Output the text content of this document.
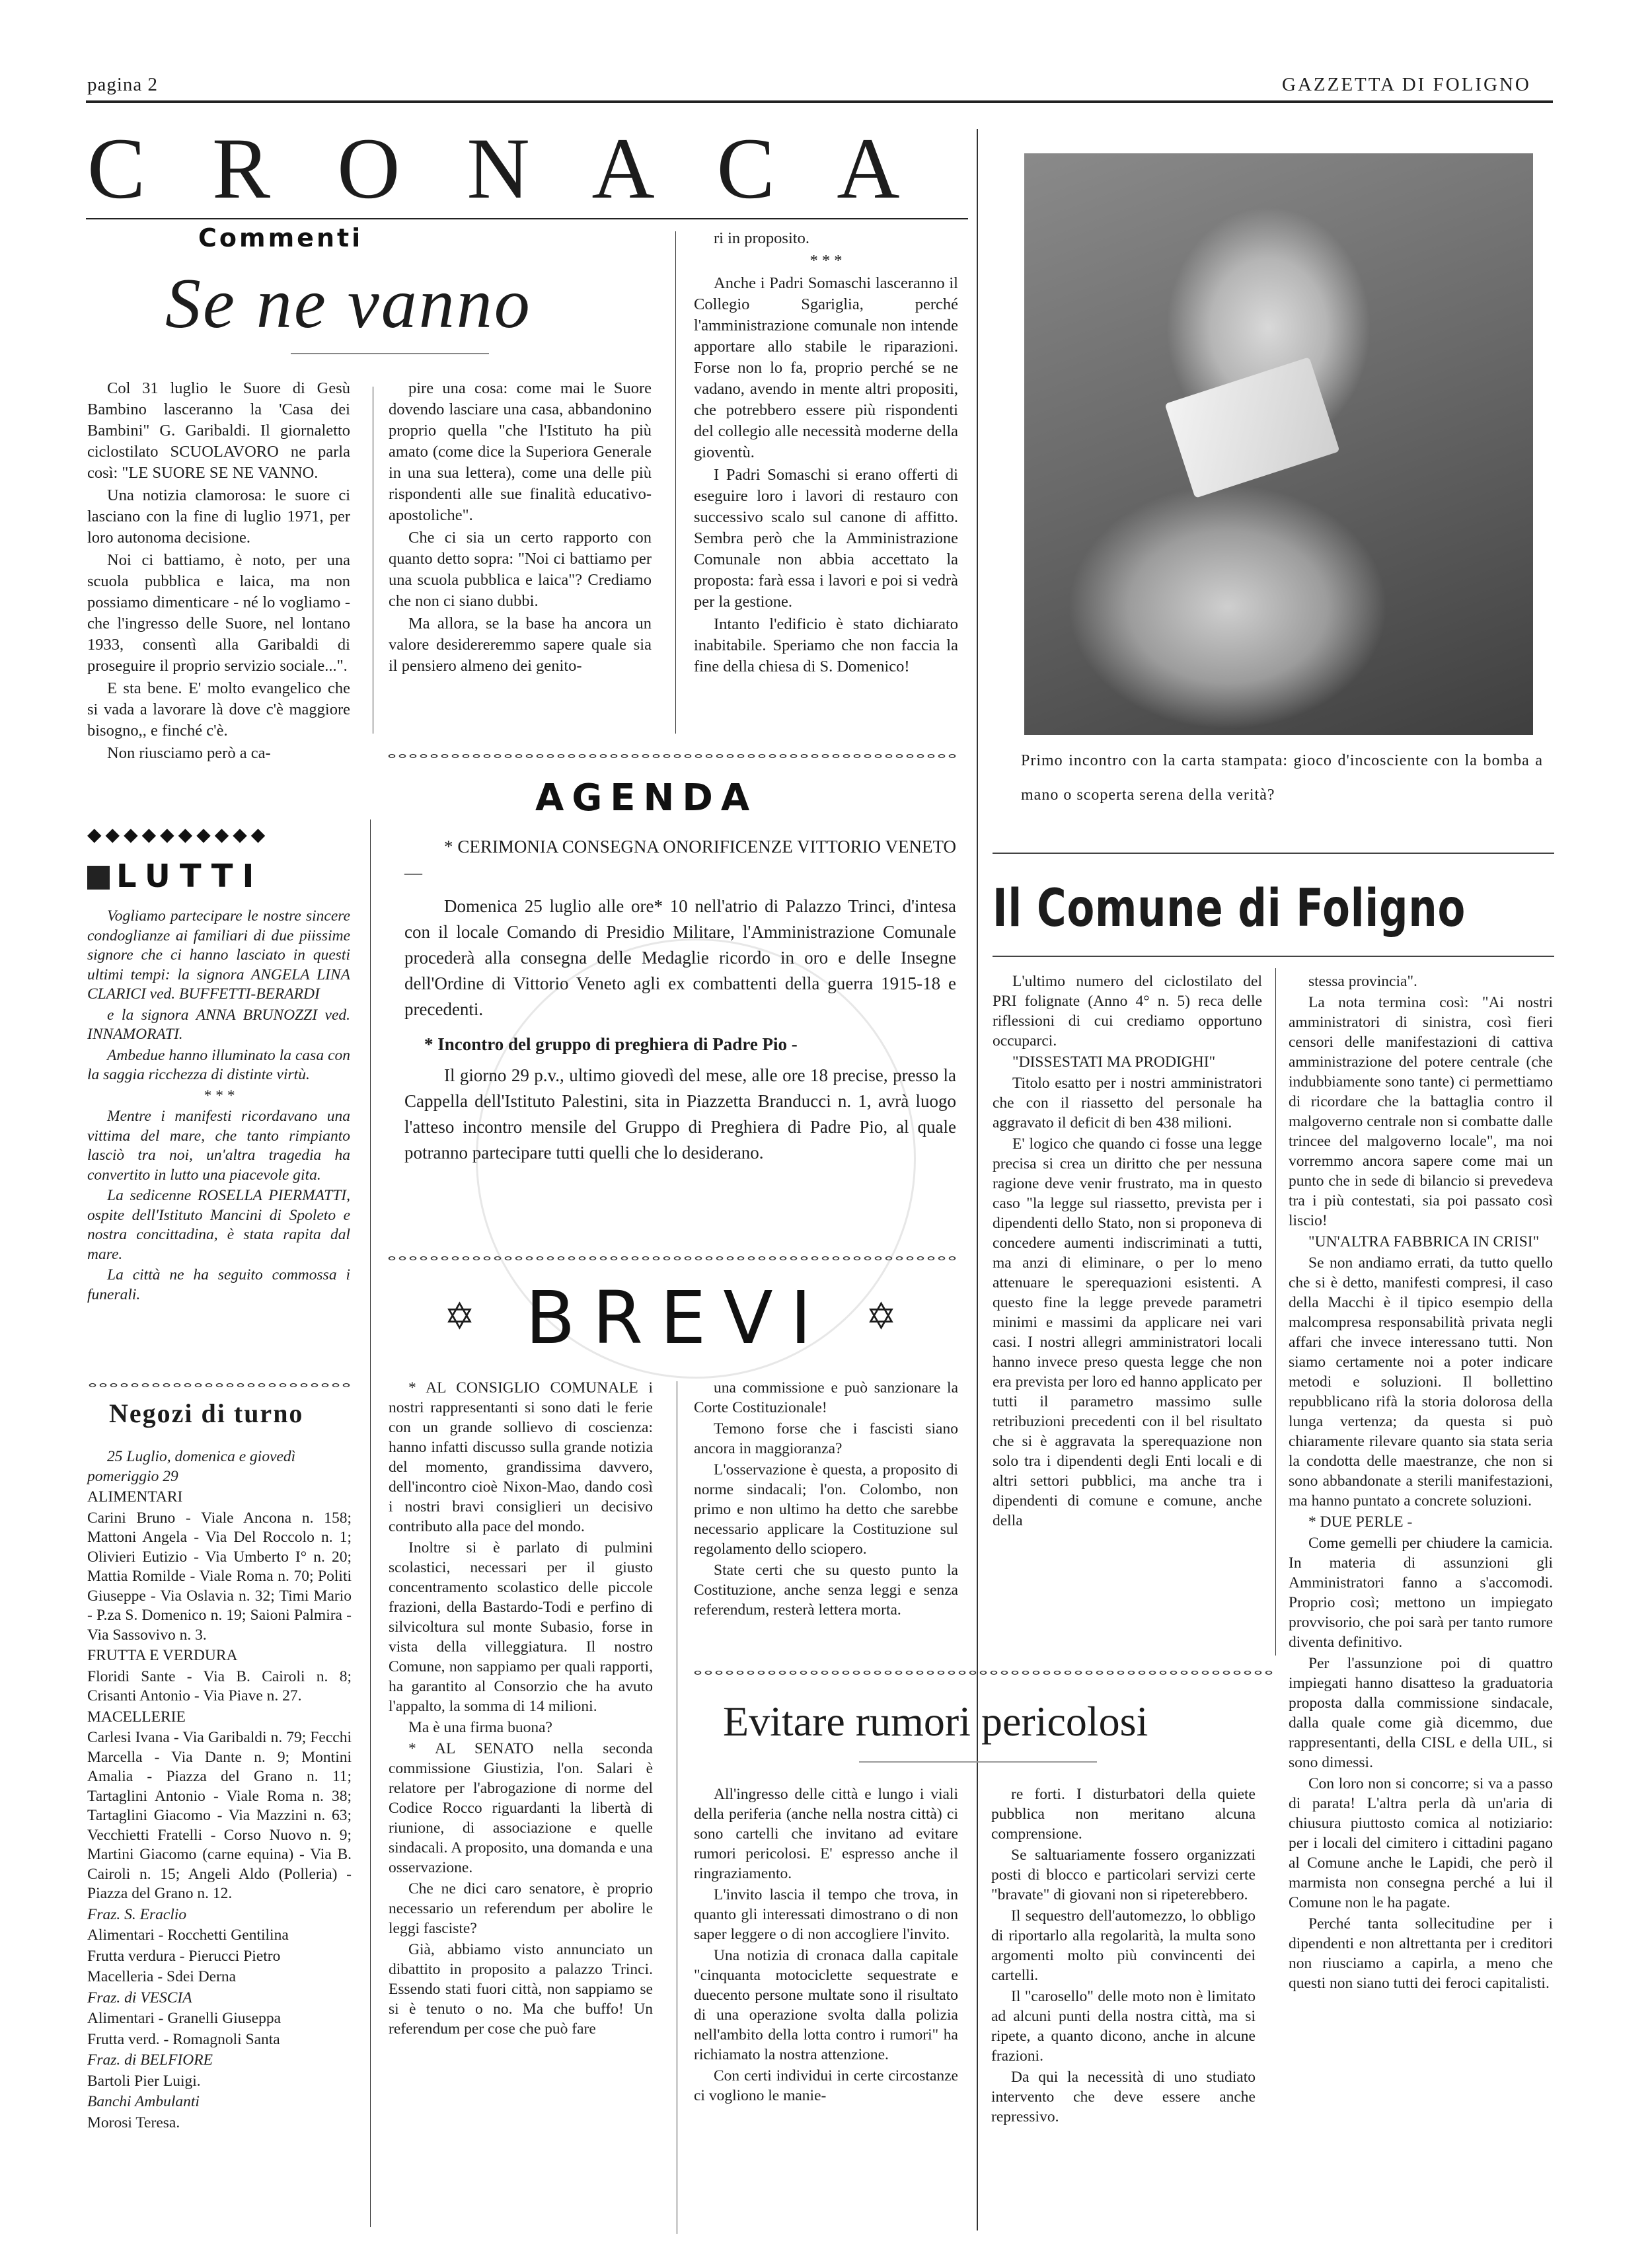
pagina 2	GAZZETTA DI FOLIGNO
C R O N A C A
Commenti
Se ne vanno

Col 31 luglio le Suore di Gesù Bambino lasceranno la 'Casa dei Bambini" G. Garibaldi. Il giornaletto ciclostilato SCUOLAVORO ne parla così: "LE SUORE SE NE VANNO.

Una notizia clamorosa: le suore ci lasciano con la fine di luglio 1971, per loro autonoma decisione.

Noi ci battiamo, è noto, per una scuola pubblica e laica, ma non possiamo dimenticare - né lo vogliamo - che l'ingresso delle Suore, nel lontano 1933, consentì alla Garibaldi di proseguire il proprio servizio sociale...".

E sta bene. E' molto evangelico che si vada a lavorare là dove c'è maggiore bisogno,, e finché c'è.

Non riusciamo però a ca-

pire una cosa: come mai le Suore dovendo lasciare una casa, abbandonino proprio quella "che l'Istituto ha più amato (come dice la Superiora Generale in una sua lettera), come una delle più rispondenti alle sue finalità educativo-apostoliche".

Che ci sia un certo rapporto con quanto detto sopra: "Noi ci battiamo per una scuola pubblica e laica"? Crediamo che non ci siano dubbi.

Ma allora, se la base ha ancora un valore desidereremmo sapere quale sia il pensiero almeno dei genito-

ri in proposito.

* * *

Anche i Padri Somaschi lasceranno il Collegio Sgariglia, perché l'amministrazione comunale non intende apportare allo stabile le riparazioni. Forse non lo fa, proprio perché se ne vadano, avendo in mente altri propositi, che potrebbero essere più rispondenti del collegio alle necessità moderne della gioventù.

I Padri Somaschi si erano offerti di eseguire loro i lavori di restauro con successivo scalo sul canone di affitto. Sembra però che la Amministrazione Comunale non abbia accettato la proposta: farà essa i lavori e poi si vedrà per la gestione.

Intanto l'edificio è stato dichiarato inabitabile. Speriamo che non faccia la fine della chiesa di S. Domenico!

Primo incontro con la carta stampata: gioco d'incosciente con la bomba a mano o scoperta serena della verità?
◆◆◆◆◆◆◆◆◆◆
LUTTI

Vogliamo partecipare le nostre sincere condoglianze ai familiari di due piissime signore che ci hanno lasciato in questi ultimi tempi: la signora ANGELA LINA CLARICI ved. BUFFETTI-BERARDI

e la signora ANNA BRUNOZZI ved. INNAMORATI.

Ambedue hanno illuminato la casa con la saggia ricchezza di distinte virtù.

* * *

Mentre i manifesti ricordavano una vittima del mare, che tanto rimpianto lasciò tra noi, un'altra tragedia ha convertito in lutto una piacevole gita.

La sedicenne ROSELLA PIERMATTI, ospite dell'Istituto Mancini di Spoleto e nostra concittadina, è stata rapita dal mare.

La città ne ha seguito commossa i funerali.

Negozi di turno

25 Luglio, domenica e giovedì pomeriggio 29

ALIMENTARI

Carini Bruno - Viale Ancona n. 158; Mattoni Angela - Via Del Roccolo n. 1; Olivieri Eutizio - Via Umberto I° n. 20; Mattia Romilde - Viale Roma n. 70; Politi Giuseppe - Via Oslavia n. 32; Timi Mario - P.za S. Domenico n. 19; Saioni Palmira - Via Sassovivo n. 3.

FRUTTA E VERDURA

Floridi Sante - Via B. Cairoli n. 8; Crisanti Antonio - Via Piave n. 27.

MACELLERIE

Carlesi Ivana - Via Garibaldi n. 79; Fecchi Marcella - Via Dante n. 9; Montini Amalia - Piazza del Grano n. 11; Tartaglini Antonio - Viale Roma n. 38; Tartaglini Giacomo - Via Mazzini n. 63; Vecchietti Fratelli - Corso Nuovo n. 9; Martini Giacomo (carne equina) - Via B. Cairoli n. 15; Angeli Aldo (Polleria) - Piazza del Grano n. 12.

Fraz. S. Eraclio

Alimentari - Rocchetti Gentilina

Frutta verdura - Pierucci Pietro

Macelleria - Sdei Derna

Fraz. di VESCIA

Alimentari - Granelli Giuseppa

Frutta verd. - Romagnoli Santa

Fraz. di BELFIORE

Bartoli Pier Luigi.

Banchi Ambulanti

Morosi Teresa.

AGENDA

* CERIMONIA CONSEGNA ONORIFICENZE VITTORIO VENETO —

Domenica 25 luglio alle ore* 10 nell'atrio di Palazzo Trinci, d'intesa con il locale Comando di Presidio Militare, l'Amministrazione Comunale procederà alla consegna delle Medaglie ricordo in oro e delle Insegne dell'Ordine di Vittorio Veneto agli ex combattenti della guerra 1915-18 e precedenti.

* Incontro del gruppo di preghiera di Padre Pio -

Il giorno 29 p.v., ultimo giovedì del mese, alle ore 18 precise, presso la Cappella dell'Istituto Palestini, sita in Piazzetta Branducci n. 1, avrà luogo l'atteso incontro mensile del Gruppo di Preghiera di Padre Pio, al quale potranno partecipare tutti quelli che lo desiderano.

✡ BREVI ✡

* AL CONSIGLIO COMUNALE i nostri rappresentanti si sono dati le ferie con un grande sollievo di coscienza: hanno infatti discusso sulla grande notizia del momento, grandissima davvero, dell'incontro cioè Nixon-Mao, dando così i nostri bravi consiglieri un decisivo contributo alla pace del mondo.

Inoltre si è parlato di pulmini scolastici, necessari per il giusto concentramento scolastico delle piccole frazioni, della Bastardo-Todi e perfino di silvicoltura sul monte Subasio, forse in vista della villeggiatura. Il nostro Comune, non sappiamo per quali rapporti, ha garantito al Consorzio che ha avuto l'appalto, la somma di 14 milioni.

Ma è una firma buona?

* AL SENATO nella seconda commissione Giustizia, l'on. Salari è relatore per l'abrogazione di norme del Codice Rocco riguardanti la libertà di riunione, di associazione e quelle sindacali. A proposito, una domanda e una osservazione.

Che ne dici caro senatore, è proprio necessario un referendum per abolire le leggi fasciste?

Già, abbiamo visto annunciato un dibattito in proposito a palazzo Trinci. Essendo stati fuori città, non sappiamo se si è tenuto o no. Ma che buffo! Un referendum per cose che può fare

una commissione e può sanzionare la Corte Costituzionale!

Temono forse che i fascisti siano ancora in maggioranza?

L'osservazione è questa, a proposito di norme sindacali; l'on. Colombo, non primo e non ultimo ha detto che sarebbe necessario applicare la Costituzione sul regolamento dello sciopero.

State certi che su questo punto la Costituzione, anche senza leggi e senza referendum, resterà lettera morta.

Evitare rumori pericolosi

All'ingresso delle città e lungo i viali della periferia (anche nella nostra città) ci sono cartelli che invitano ad evitare rumori pericolosi. E' espresso anche il ringraziamento.

L'invito lascia il tempo che trova, in quanto gli interessati dimostrano o di non saper leggere o di non accogliere l'invito.

Una notizia di cronaca dalla capitale "cinquanta motociclette sequestrate e duecento persone multate sono il risultato di una operazione svolta dalla polizia nell'ambito della lotta contro i rumori" ha richiamato la nostra attenzione.

Con certi individui in certe circostanze ci vogliono le manie-

re forti. I disturbatori della quiete pubblica non meritano alcuna comprensione.

Se saltuariamente fossero organizzati posti di blocco e particolari servizi certe "bravate" di giovani non si ripeterebbero.

Il sequestro dell'automezzo, lo obbligo di riportarlo alla regolarità, la multa sono argomenti molto più convincenti dei cartelli.

Il "carosello" delle moto non è limitato ad alcuni punti della nostra città, ma si ripete, a quanto dicono, anche in alcune frazioni.

Da qui la necessità di uno studiato intervento che deve essere anche repressivo.

Il Comune di Foligno

L'ultimo numero del ciclostilato del PRI folignate (Anno 4° n. 5) reca delle riflessioni di cui crediamo opportuno occuparci.

"DISSESTATI MA PRODIGHI"

Titolo esatto per i nostri amministratori che con il riassetto del personale ha aggravato il deficit di ben 438 milioni.

E' logico che quando ci fosse una legge precisa si crea un diritto che per nessuna ragione deve venir frustrato, ma in questo caso "la legge sul riassetto, prevista per i dipendenti dello Stato, non si proponeva di concedere aumenti indiscriminati a tutti, ma anzi di eliminare, o per lo meno attenuare le sperequazioni esistenti. A questo fine la legge prevede parametri minimi e massimi da applicare nei vari casi. I nostri allegri amministratori locali hanno invece preso questa legge che non era prevista per loro ed hanno applicato per tutti il parametro massimo sulle retribuzioni precedenti con il bel risultato che si è aggravata la sperequazione non solo tra i dipendenti degli Enti locali e di altri settori pubblici, ma anche tra i dipendenti di comune e comune, anche della

stessa provincia".

La nota termina così: "Ai nostri amministratori di sinistra, così fieri censori delle manifestazioni di cattiva amministrazione del potere centrale (che indubbiamente sono tante) ci permettiamo di ricordare che la battaglia contro il malgoverno centrale non si combatte dalle trincee del malgoverno locale", ma noi vorremmo ancora sapere come mai un punto che in sede di bilancio si prevedeva tra i più contestati, sia poi passato così liscio!

"UN'ALTRA FABBRICA IN CRISI"

Se non andiamo errati, da tutto quello che si è detto, manifesti compresi, il caso della Macchi è il tipico esempio della malcompresa responsabilità privata negli affari che invece interessano tutti. Non siamo certamente noi a poter indicare metodi e soluzioni. Il bollettino repubblicano rifà la storia dolorosa della lunga vertenza; da questa si può chiaramente rilevare quanto sia stata seria la condotta delle maestranze, che non si sono abbandonate a sterili manifestazioni, ma hanno puntato a concrete soluzioni.

* DUE PERLE -

Come gemelli per chiudere la camicia. In materia di assunzioni gli Amministratori fanno a s'accomodi. Proprio così; mettono un impiegato provvisorio, che poi sarà per tanto rumore diventa definitivo.

Per l'assunzione poi di quattro impiegati hanno disatteso la graduatoria proposta dalla commissione sindacale, dalla quale come già dicemmo, due rappresentanti, della CISL e della UIL, si sono dimessi.

Con loro non si concorre; si va a passo di parata! L'altra perla dà un'aria di chiusura piuttosto comica al notiziario: per i locali del cimitero i cittadini pagano al Comune anche le Lapidi, che però il marmista non consegna perché a lui il Comune non le ha pagate.

Perché tanta sollecitudine per i dipendenti e non altrettanta per i creditori non riusciamo a capirla, a meno che questi non siano tutti dei feroci capitalisti.
